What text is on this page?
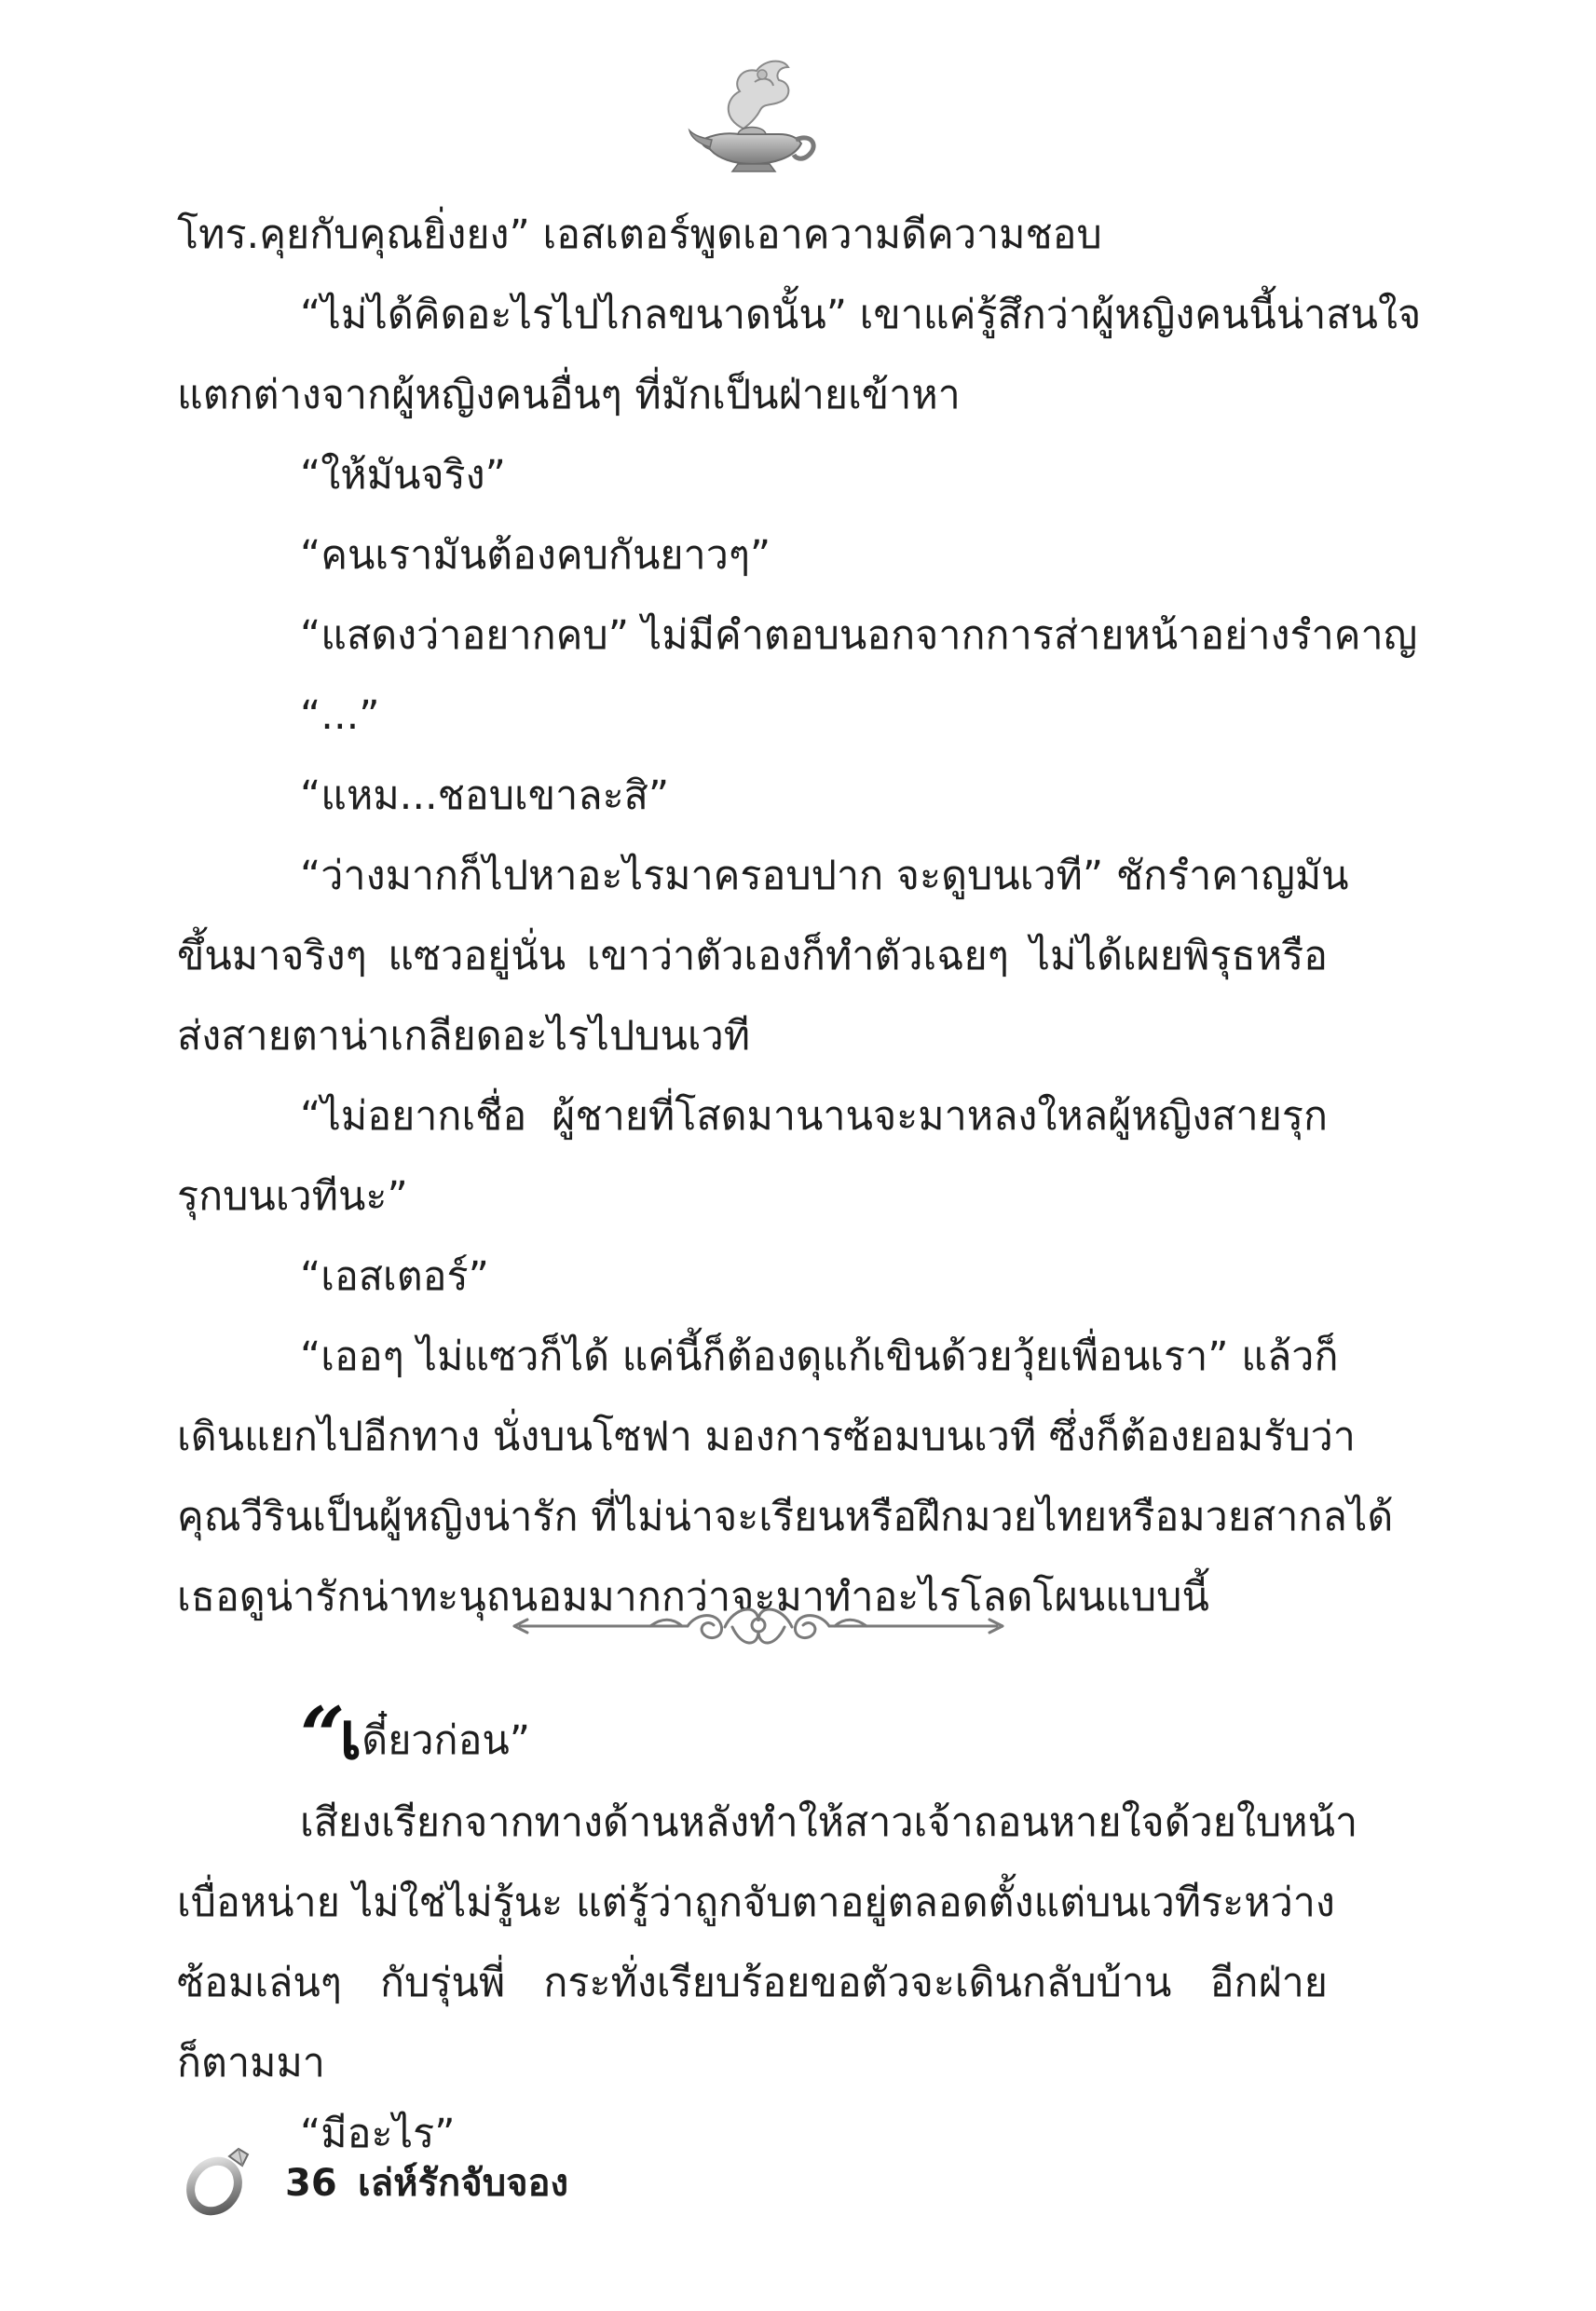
โทร.คุยกับคุณยิ่งยง” เอสเตอร์พูดเอาความดีความชอบ
“ไม่ได้คิดอะไรไปไกลขนาดนั้น” เขาแค่รู้สึกว่าผู้หญิงคนนี้น่าสนใจ
แตกต่างจากผู้หญิงคนอื่นๆ ที่มักเป็นฝ่ายเข้าหา
“ให้มันจริง”
“คนเรามันต้องคบกันยาวๆ”
“แสดงว่าอยากคบ” ไม่มีคำตอบนอกจากการส่ายหน้าอย่างรำคาญ
“...”
“แหม...ชอบเขาละสิ”
“ว่างมากก็ไปหาอะไรมาครอบปาก จะดูบนเวที” ชักรำคาญมัน
ขึ้นมาจริงๆ แซวอยู่นั่น เขาว่าตัวเองก็ทำตัวเฉยๆ ไม่ได้เผยพิรุธหรือ
ส่งสายตาน่าเกลียดอะไรไปบนเวที
“ไม่อยากเชื่อ ผู้ชายที่โสดมานานจะมาหลงใหลผู้หญิงสายรุก
รุกบนเวทีนะ”
“เอสเตอร์”
“เออๆ ไม่แซวก็ได้ แค่นี้ก็ต้องดุแก้เขินด้วยวุ้ยเพื่อนเรา” แล้วก็
เดินแยกไปอีกทาง นั่งบนโซฟา มองการซ้อมบนเวที ซึ่งก็ต้องยอมรับว่า
คุณวีรินเป็นผู้หญิงน่ารัก ที่ไม่น่าจะเรียนหรือฝึกมวยไทยหรือมวยสากลได้
เธอดูน่ารักน่าทะนุถนอมมากกว่าจะมาทำอะไรโลดโผนแบบนี้
“เดี๋ยวก่อน”
เสียงเรียกจากทางด้านหลังทำให้สาวเจ้าถอนหายใจด้วยใบหน้า
เบื่อหน่าย ไม่ใช่ไม่รู้นะ แต่รู้ว่าถูกจับตาอยู่ตลอดตั้งแต่บนเวทีระหว่าง
ซ้อมเล่นๆ กับรุ่นพี่ กระทั่งเรียบร้อยขอตัวจะเดินกลับบ้าน อีกฝ่าย
ก็ตามมา
“มีอะไร”
36 เล่ห์รักจับจอง
